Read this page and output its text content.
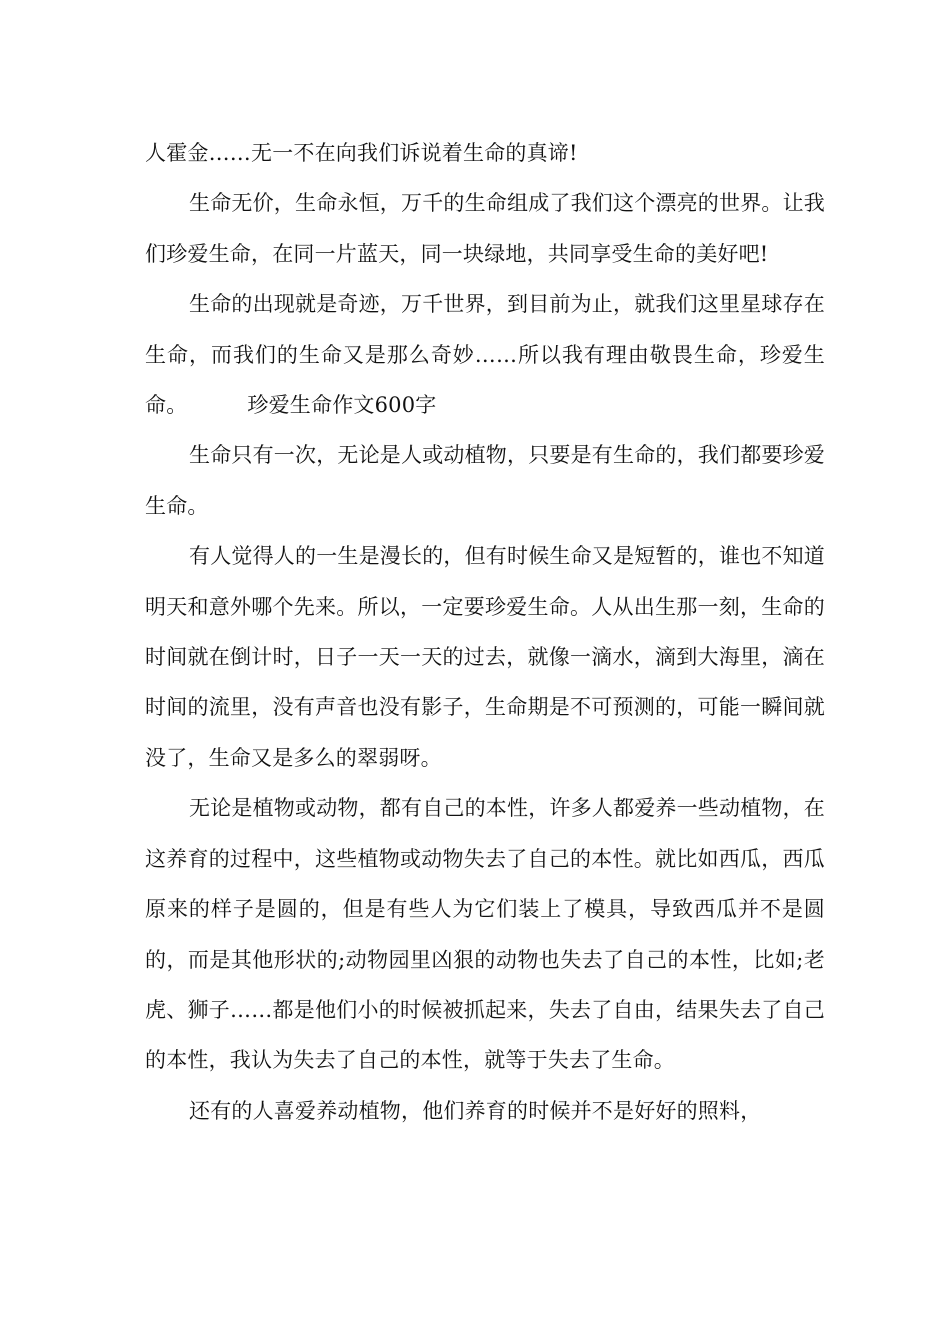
人霍金……无一不在向我们诉说着生命的真谛!

生命无价，生命永恒，万千的生命组成了我们这个漂亮的世界。让我们珍爱生命，在同一片蓝天，同一块绿地，共同享受生命的美好吧!

生命的出现就是奇迹，万千世界，到目前为止，就我们这里星球存在生命，而我们的生命又是那么奇妙……所以我有理由敬畏生命，珍爱生命。	珍爱生命作文600字

生命只有一次，无论是人或动植物，只要是有生命的，我们都要珍爱生命。

有人觉得人的一生是漫长的，但有时候生命又是短暂的，谁也不知道明天和意外哪个先来。所以，一定要珍爱生命。人从出生那一刻，生命的时间就在倒计时，日子一天一天的过去，就像一滴水，滴到大海里，滴在时间的流里，没有声音也没有影子，生命期是不可预测的，可能一瞬间就没了，生命又是多么的翠弱呀。

无论是植物或动物，都有自己的本性，许多人都爱养一些动植物，在这养育的过程中，这些植物或动物失去了自己的本性。就比如西瓜，西瓜原来的样子是圆的，但是有些人为它们装上了模具，导致西瓜并不是圆的，而是其他形状的;动物园里凶狠的动物也失去了自己的本性，比如;老虎、狮子……都是他们小的时候被抓起来，失去了自由，结果失去了自己的本性，我认为失去了自己的本性，就等于失去了生命。

还有的人喜爱养动植物，他们养育的时候并不是好好的照料，
